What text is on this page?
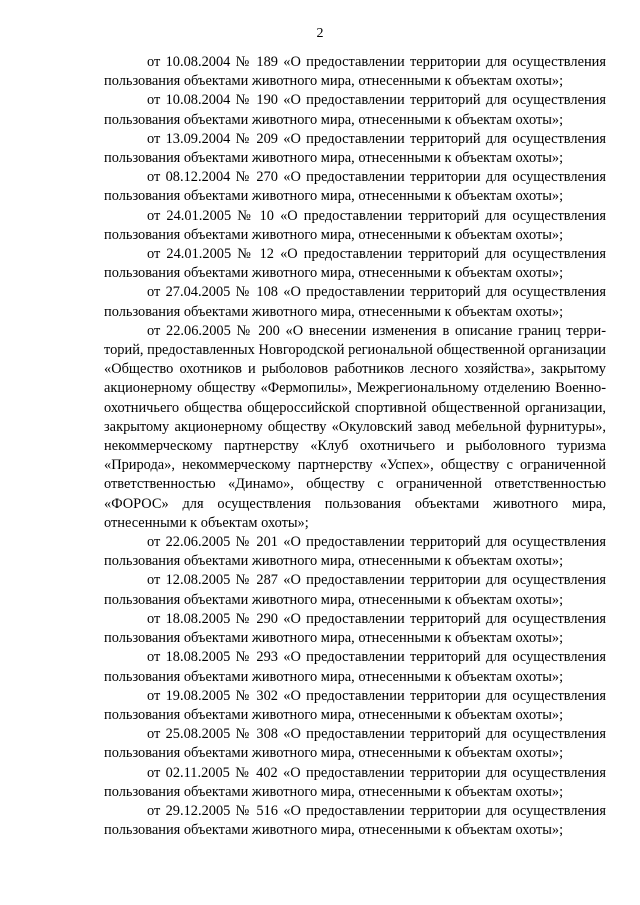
2

от 10.08.2004 № 189 «О предоставлении территории для осуществления пользования объектами животного мира, отнесенными к объектам охоты»;

от 10.08.2004 № 190 «О предоставлении территорий для осуществления пользования объектами животного мира, отнесенными к объектам охоты»;

от 13.09.2004 № 209 «О предоставлении территорий для осуществления пользования объектами животного мира, отнесенными к объектам охоты»;

от 08.12.2004 № 270 «О предоставлении территории для осуществления пользования объектами животного мира, отнесенными к объектам охоты»;

от 24.01.2005 № 10 «О предоставлении территорий для осуществления пользования объектами животного мира, отнесенными к объектам охоты»;

от 24.01.2005 № 12 «О предоставлении территорий для осуществления пользования объектами животного мира, отнесенными к объектам охоты»;

от 27.04.2005 № 108 «О предоставлении территорий для осуществления пользования объектами животного мира, отнесенными к объектам охоты»;

от 22.06.2005 № 200 «О внесении изменения в описание границ территорий, предоставленных Новгородской региональной общественной организации «Общество охотников и рыболовов работников лесного хозяйства», закрытому акционерному обществу «Фермопилы», Межрегиональному отделению Военно-охотничьего общества общероссийской спортивной общественной организации, закрытому акционерному обществу «Окуловский завод мебельной фурнитуры», некоммерческому партнерству «Клуб охотничьего и рыболовного туризма «Природа», некоммерческому партнерству «Успех», обществу с ограниченной ответственностью «Динамо», обществу с ограниченной ответственностью «ФОРОС» для осуществления пользования объектами животного мира, отнесенными к объектам охоты»;

от 22.06.2005 № 201 «О предоставлении территорий для осуществления пользования объектами животного мира, отнесенными к объектам охоты»;

от 12.08.2005 № 287 «О предоставлении территории для осуществления пользования объектами животного мира, отнесенными к объектам охоты»;

от 18.08.2005 № 290 «О предоставлении территорий для осуществления пользования объектами животного мира, отнесенными к объектам охоты»;

от 18.08.2005 № 293 «О предоставлении территорий для осуществления пользования объектами животного мира, отнесенными к объектам охоты»;

от 19.08.2005 № 302 «О предоставлении территории для осуществления пользования объектами животного мира, отнесенными к объектам охоты»;

от 25.08.2005 № 308 «О предоставлении территорий для осуществления пользования объектами животного мира, отнесенными к объектам охоты»;

от 02.11.2005 № 402 «О предоставлении территории для осуществления пользования объектами животного мира, отнесенными к объектам охоты»;

от 29.12.2005 № 516 «О предоставлении территории для осуществления пользования объектами животного мира, отнесенными к объектам охоты»;
